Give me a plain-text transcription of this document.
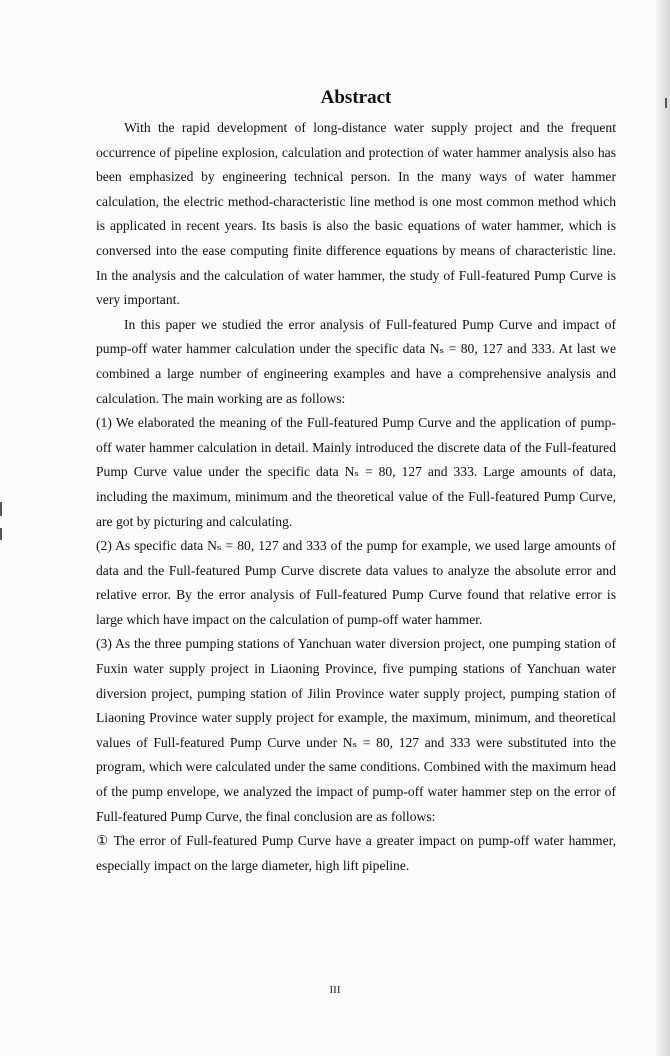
Abstract

With the rapid development of long-distance water supply project and the frequent occurrence of pipeline explosion, calculation and protection of water hammer analysis also has been emphasized by engineering technical person. In the many ways of water hammer calculation, the electric method-characteristic line method is one most common method which is applicated in recent years. Its basis is also the basic equations of water hammer, which is conversed into the ease computing finite difference equations by means of characteristic line. In the analysis and the calculation of water hammer, the study of Full-featured Pump Curve is very important.

In this paper we studied the error analysis of Full-featured Pump Curve and impact of pump-off water hammer calculation under the specific data Nₛ = 80, 127 and 333. At last we combined a large number of engineering examples and have a comprehensive analysis and calculation. The main working are as follows:

(1) We elaborated the meaning of the Full-featured Pump Curve and the application of pump-off water hammer calculation in detail. Mainly introduced the discrete data of the Full-featured Pump Curve value under the specific data Nₛ = 80, 127 and 333. Large amounts of data, including the maximum, minimum and the theoretical value of the Full-featured Pump Curve, are got by picturing and calculating.

(2) As specific data Nₛ = 80, 127 and 333 of the pump for example, we used large amounts of data and the Full-featured Pump Curve discrete data values to analyze the absolute error and relative error. By the error analysis of Full-featured Pump Curve found that relative error is large which have impact on the calculation of pump-off water hammer.

(3) As the three pumping stations of Yanchuan water diversion project, one pumping station of Fuxin water supply project in Liaoning Province, five pumping stations of Yanchuan water diversion project, pumping station of Jilin Province water supply project, pumping station of Liaoning Province water supply project for example, the maximum, minimum, and theoretical values of Full-featured Pump Curve under Nₛ = 80, 127 and 333 were substituted into the program, which were calculated under the same conditions. Combined with the maximum head of the pump envelope, we analyzed the impact of pump-off water hammer step on the error of Full-featured Pump Curve, the final conclusion are as follows:

① The error of Full-featured Pump Curve have a greater impact on pump-off water hammer, especially impact on the large diameter, high lift pipeline.

III
